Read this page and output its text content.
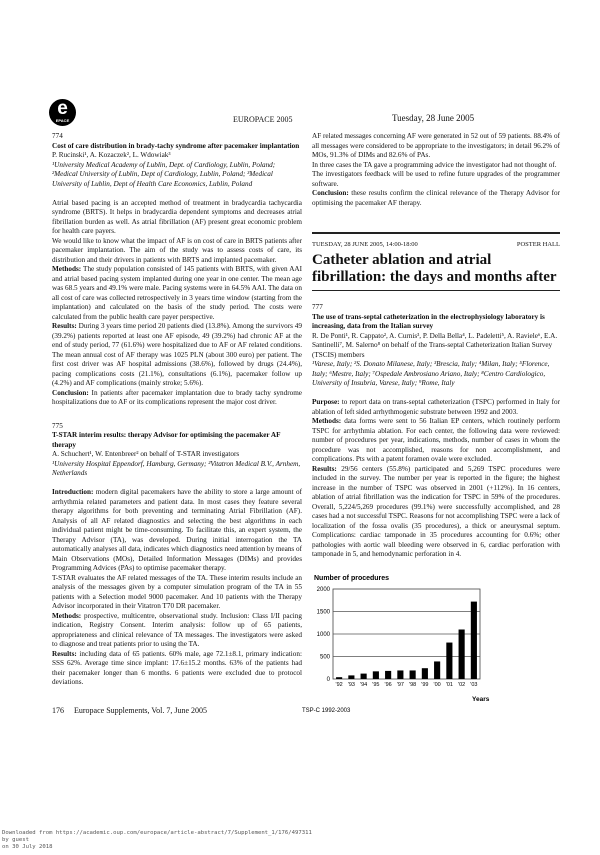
e
EPACE	EUROPACE 2005	Tuesday, 28 June 2005

774

Cost of care distribution in brady-tachy syndrome after pacemaker implantation

P. Rucinski¹, A. Kozaczek², L. Wdowiak³

¹University Medical Academy of Lublin, Dept. of Cardiology, Lublin, Poland; ²Medical University of Lublin, Dept of Cardiology, Lublin, Poland; ³Medical University of Lublin, Dept of Health Care Economics, Lublin, Poland

Atrial based pacing is an accepted method of treatment in bradycardia tachycardia syndrome (BRTS). It helps in bradycardia dependent symptoms and decreases atrial fibrillation burden as well. As atrial fibrillation (AF) present great economic problem for health care payers.

We would like to know what the impact of AF is on cost of care in BRTS patients after pacemaker implantation. The aim of the study was to assess costs of care, its distribution and their drivers in patients with BRTS and implanted pacemaker.

Methods: The study population consisted of 145 patients with BRTS, with given AAI and atrial based pacing system implanted during one year in one center. The mean age was 68.5 years and 49.1% were male. Pacing systems were in 64.5% AAI. The data on all cost of care was collected retrospectively in 3 years time window (starting from the implantation) and calculated on the basis of the study period. The costs were calculated from the public health care payer perspective.

Results: During 3 years time period 20 patients died (13.8%). Among the survivors 49 (39.2%) patients reported at least one AF episode, 49 (39.2%) had chronic AF at the end of study period, 77 (61.6%) were hospitalized due to AF or AF related conditions. The mean annual cost of AF therapy was 1025 PLN (about 300 euro) per patient. The first cost driver was AF hospital admissions (38.6%), followed by drugs (24.4%), pacing complications costs (21.1%), consultations (6.1%), pacemaker follow up (4.2%) and AF complications (mainly stroke; 5.6%).

Conclusion: In patients after pacemaker implantation due to brady tachy syndrome hospitalizations due to AF or its complications represent the major cost driver.

775

T-STAR interim results: therapy Advisor for optimising the pacemaker AF therapy

A. Schuchert¹, W. Entenbreer² on behalf of T-STAR investigators

¹University Hospital Eppendorf, Hamburg, Germany; ²Vitatron Medical B.V., Arnhem, Netherlands

Introduction: modern digital pacemakers have the ability to store a large amount of arrhythmia related parameters and patient data. In most cases they feature several therapy algorithms for both preventing and terminating Atrial Fibrillation (AF). Analysis of all AF related diagnostics and selecting the best algorithms in each individual patient might be time-consuming. To facilitate this, an expert system, the Therapy Advisor (TA), was developed. During initial interrogation the TA automatically analyses all data, indicates which diagnostics need attention by means of Main Observations (MOs), Detailed Information Messages (DIMs) and provides Programming Advices (PAs) to optimise pacemaker therapy.

T-STAR evaluates the AF related messages of the TA. These interim results include an analysis of the messages given by a computer simulation program of the TA in 55 patients with a Selection model 9000 pacemaker. And 10 patients with the Therapy Advisor incorporated in their Vitatron T70 DR pacemaker.

Methods: prospective, multicentre, observational study. Inclusion: Class I/II pacing indication, Registry Consent. Interim analysis: follow up of 65 patients, appropriateness and clinical relevance of TA messages. The investigators were asked to diagnose and treat patients prior to using the TA.

Results: including data of 65 patients. 60% male, age 72.1±8.1, primary indication: SSS 62%. Average time since implant: 17.6±15.2 months. 63% of the patients had their pacemaker longer than 6 months. 6 patients were excluded due to protocol deviations.

176 Europace Supplements, Vol. 7, June 2005

AF related messages concerning AF were generated in 52 out of 59 patients. 88.4% of all messages were considered to be appropriate to the investigators; in detail 96.2% of MOs, 91.3% of DIMs and 82.6% of PAs.

In three cases the TA gave a programming advice the investigator had not thought of.

The investigators feedback will be used to refine future upgrades of the programmer software.

Conclusion: these results confirm the clinical relevance of the Therapy Advisor for optimising the pacemaker AF therapy.

TUESDAY, 28 JUNE 2005, 14:00-18:00	POSTER HALL
Catheter ablation and atrial fibrillation: the days and months after

777

The use of trans-septal catheterization in the electrophysiology laboratory is increasing, data from the Italian survey

R. De Ponti¹, R. Cappato², A. Curnis³, P. Della Bella⁴, L. Padeletti⁵, A. Raviele⁶, E.A. Santinelli⁷, M. Salerno⁸ on behalf of the Trans-septal Catheterization Italian Survey (TSCIS) members

¹Varese, Italy; ²S. Donato Milanese, Italy; ³Brescia, Italy; ⁴Milan, Italy; ⁵Florence, Italy; ⁶Mestre, Italy; ⁷Ospedale Ambrosiano Ariano, Italy; ⁸Centro Cardiologico, University of Insubria, Varese, Italy; ⁹Rome, Italy

Purpose: to report data on trans-septal catheterization (TSPC) performed in Italy for ablation of left sided arrhythmogenic substrate between 1992 and 2003.

Methods: data forms were sent to 56 Italian EP centers, which routinely perform TSPC for arrhythmia ablation. For each center, the following data were reviewed: number of procedures per year, indications, methods, number of cases in whom the procedure was not accomplished, reasons for non accomplishment, and complications. Pts with a patent foramen ovale were excluded.

Results: 29/56 centers (55.8%) participated and 5,269 TSPC procedures were included in the survey. The number per year is reported in the figure; the highest increase in the number of TSPC was observed in 2001 (+112%). In 16 centers, ablation of atrial fibrillation was the indication for TSPC in 59% of the procedures. Overall, 5,224/5,269 procedures (99.1%) were successfully accomplished, and 28 cases had a not successful TSPC. Reasons for not accomplishing TSPC were a lack of localization of the fossa ovalis (35 procedures), a thick or aneurysmal septum. Complications: cardiac tamponade in 35 procedures accounting for 0.6%; other pathologies with aortic wall bleeding were observed in 6, cardiac perforation with tamponade in 5, and hemodynamic perforation in 4.

Number of procedures
Years
TSP-C 1992-2003
0
500
1000
1500
2000
'92 '93 '94 '95 '96 '97 '98 '99 '00 '01 '02 '03
Downloaded from https://academic.oup.com/europace/article-abstract/7/Supplement_1/176/497311
by guest
on 30 July 2018
